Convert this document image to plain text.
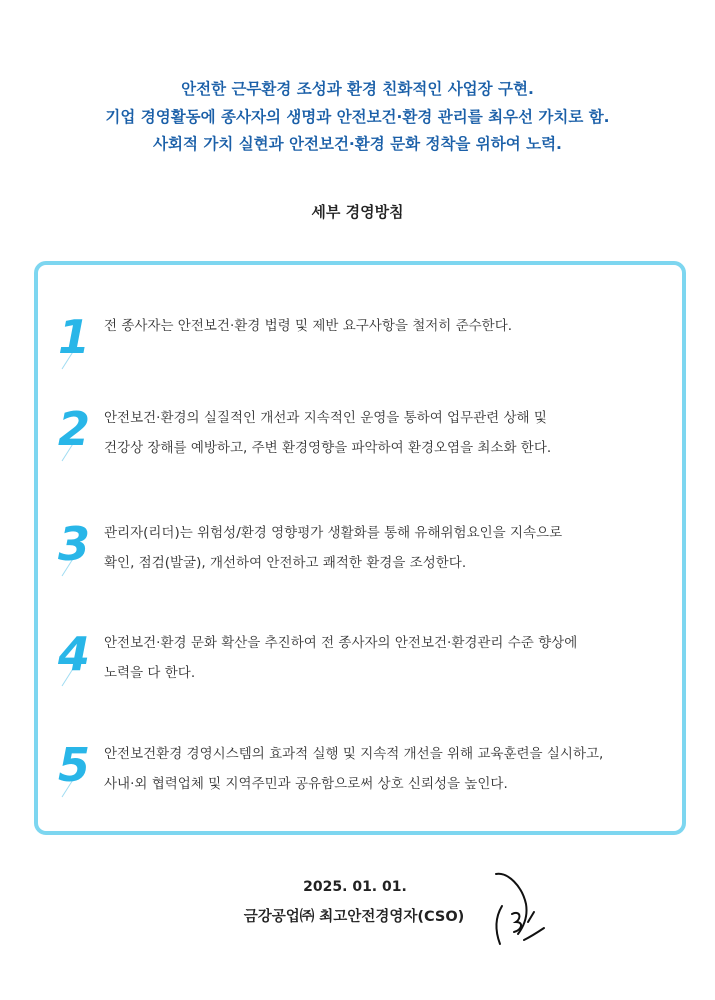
안전한 근무환경 조성과 환경 친화적인 사업장 구현.
기업 경영활동에 종사자의 생명과 안전보건·환경 관리를 최우선 가치로 함.
사회적 가치 실현과 안전보건·환경 문화 정착을 위하여 노력.
세부 경영방침
1 전 종사자는 안전보건·환경 법령 및 제반 요구사항을 철저히 준수한다.
2 안전보건·환경의 실질적인 개선과 지속적인 운영을 통하여 업무관련 상해 및
건강상 장해를 예방하고, 주변 환경영향을 파악하여 환경오염을 최소화 한다.
3 관리자(리더)는 위험성/환경 영향평가 생활화를 통해 유해위험요인을 지속으로
확인, 점검(발굴), 개선하여 안전하고 쾌적한 환경을 조성한다.
4 안전보건·환경 문화 확산을 추진하여 전 종사자의 안전보건·환경관리 수준 향상에
노력을 다 한다.
5 안전보건환경 경영시스템의 효과적 실행 및 지속적 개선을 위해 교육훈련을 실시하고,
사내·외 협력업체 및 지역주민과 공유함으로써 상호 신뢰성을 높인다.
2025. 01. 01.
금강공업㈜ 최고안전경영자(CSO)
